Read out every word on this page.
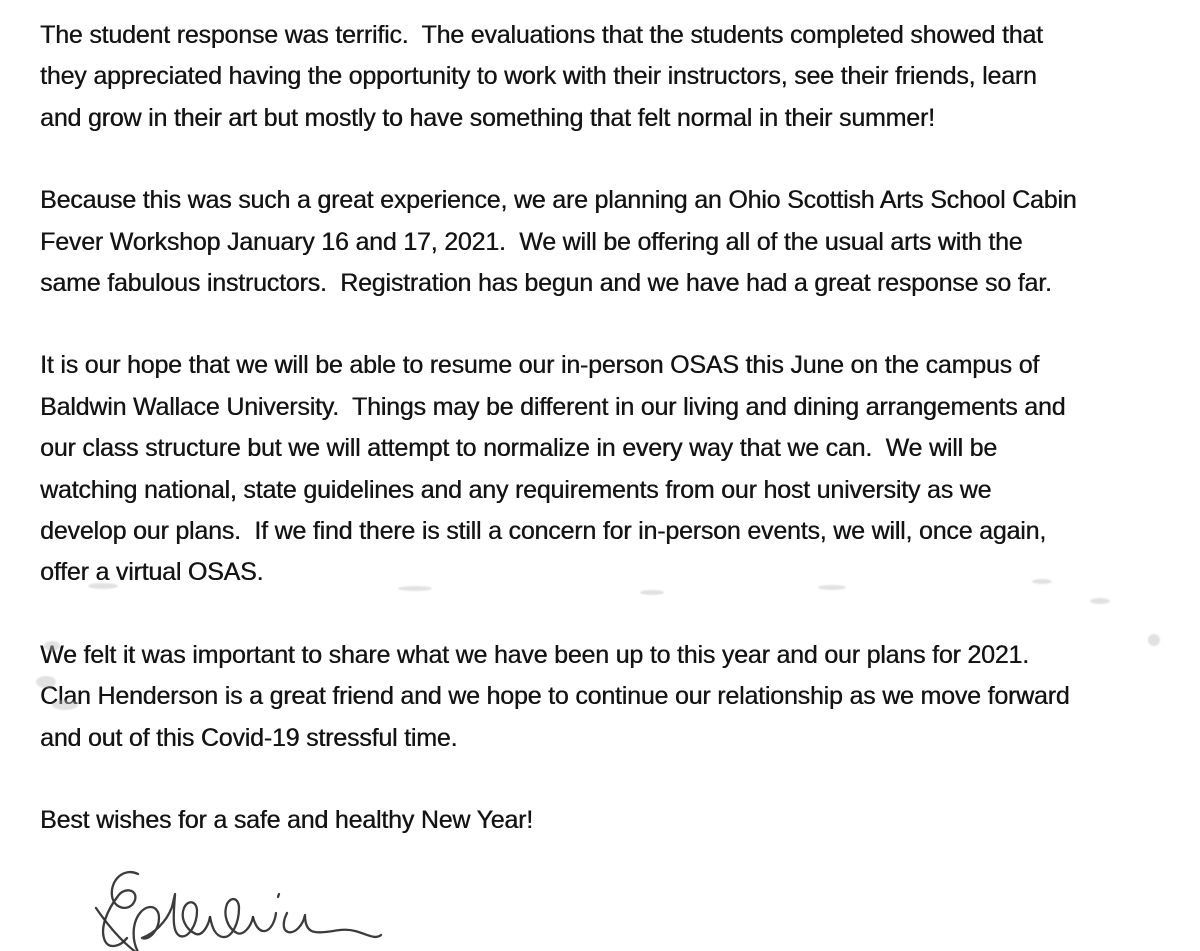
The student response was terrific.  The evaluations that the students completed showed that
they appreciated having the opportunity to work with their instructors, see their friends, learn
and grow in their art but mostly to have something that felt normal in their summer!
Because this was such a great experience, we are planning an Ohio Scottish Arts School Cabin
Fever Workshop January 16 and 17, 2021.  We will be offering all of the usual arts with the
same fabulous instructors.  Registration has begun and we have had a great response so far.
It is our hope that we will be able to resume our in-person OSAS this June on the campus of
Baldwin Wallace University.  Things may be different in our living and dining arrangements and
our class structure but we will attempt to normalize in every way that we can.  We will be
watching national, state guidelines and any requirements from our host university as we
develop our plans.  If we find there is still a concern for in-person events, we will, once again,
offer a virtual OSAS.
We felt it was important to share what we have been up to this year and our plans for 2021.
Clan Henderson is a great friend and we hope to continue our relationship as we move forward
and out of this Covid-19 stressful time.
Best wishes for a safe and healthy New Year!
